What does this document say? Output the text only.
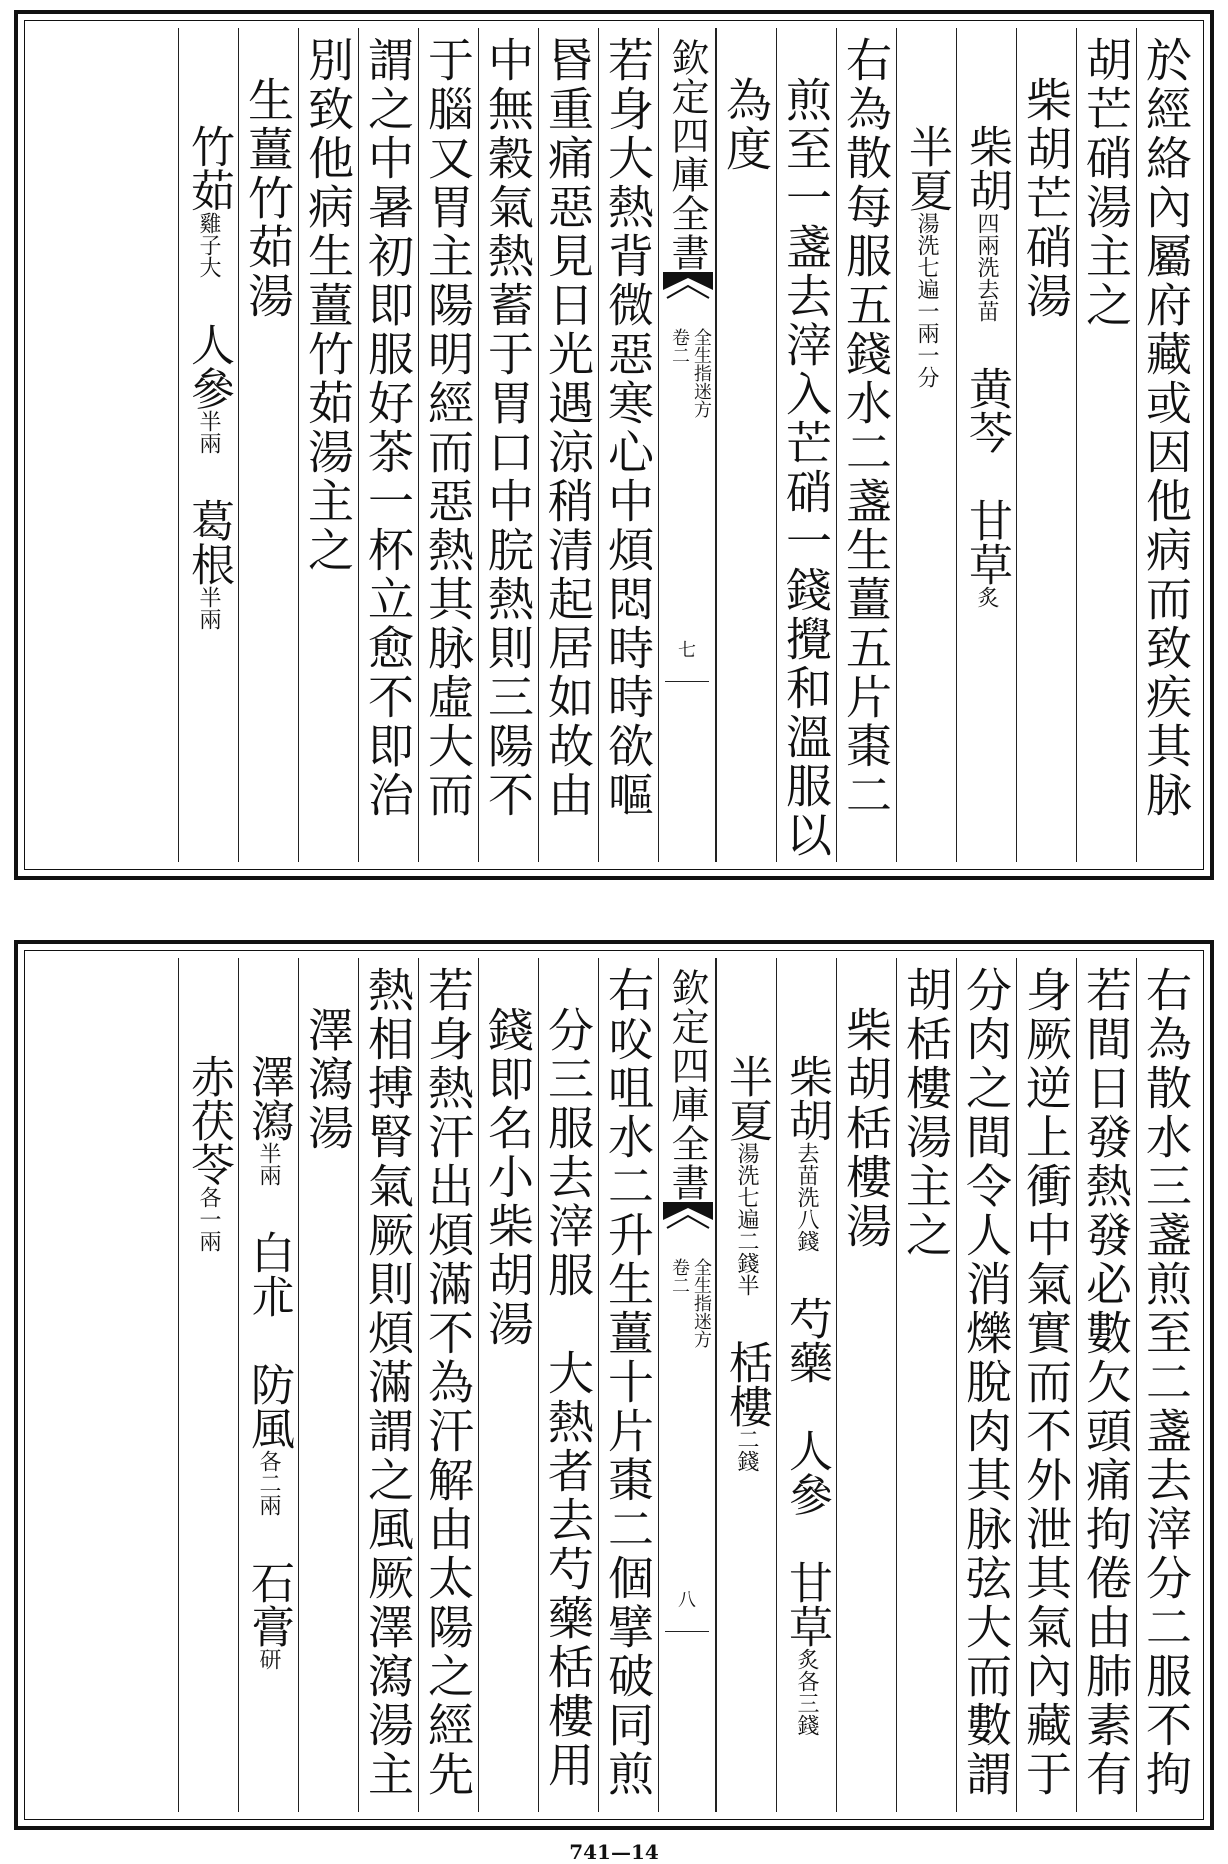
於經絡內屬府藏或因他病而致疾其脉
胡芒硝湯主之
柴胡芒硝湯
柴胡四兩洗去苗黄芩甘草炙
半夏湯洗七遍一兩一分
右為散每服五錢水二盞生薑五片棗二
煎至一盞去滓入芒硝一錢攪和溫服以
為度
欽定四庫全書
全生指迷方
卷二
七
若身大熱背微惡寒心中煩悶時時欲嘔
昬重痛惡見日光遇涼稍清起居如故由
中無穀氣熱蓄于胃口中脘熱則三陽不
于腦又胃主陽明經而惡熱其脉虛大而
謂之中暑初即服好茶一杯立愈不即治
別致他病生薑竹茹湯主之
生薑竹茹湯
竹茹雞子大人參半兩葛根半兩
右為散水三盞煎至二盞去滓分二服不拘
若間日發熱發必數欠頭痛拘倦由肺素有
身厥逆上衝中氣實而不外泄其氣內藏于
分肉之間令人消爍脫肉其脉弦大而數謂
胡栝樓湯主之
柴胡栝樓湯
柴胡去苗洗八錢芍藥人參甘草炙各三錢
半夏湯洗七遍二錢半栝樓二錢
欽定四庫全書
全生指迷方
卷二
八
右㕮咀水二升生薑十片棗二個擘破同煎
分三服去滓服　大熱者去芍藥栝樓用
錢即名小柴胡湯
若身熱汗出煩滿不為汗解由太陽之經先
熱相搏腎氣厥則煩滿謂之風厥澤瀉湯主
澤瀉湯
澤瀉半兩白朮防風各二兩石膏研
赤茯苓各一兩
741—14
